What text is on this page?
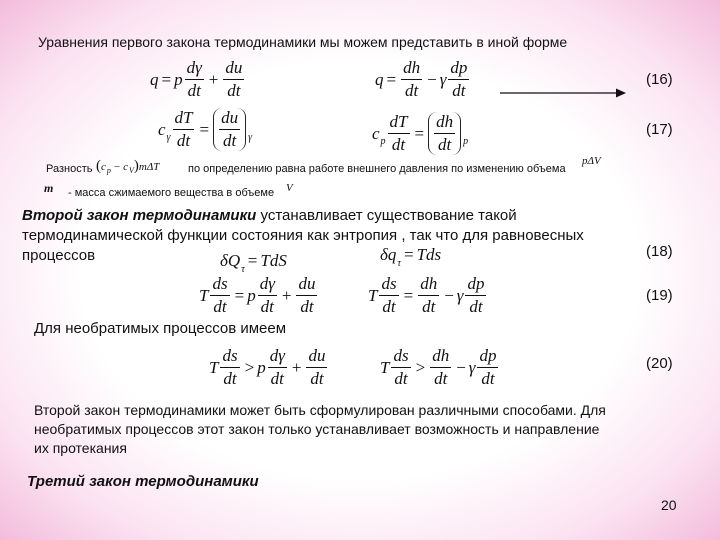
Уравнения первого закона термодинамики мы можем представить в иной форме
q = p $\frac{d\gamma}{dt} + \frac{du}{dt}$	$q = \frac{dh}{dt} - \gamma \frac{dp}{dt}$	(16)
c γ $\frac{dT}{dt} = \frac{du}{dt}$ γ	c p $\frac{dT}{dt} = \frac{dh}{dt}$ p
(17)
Разность ( c p − c V ) mΔT	по определению равна работе внешнего давления по изменению объема
pΔV
m - масса сжимаемого вещества в объеме V
Второй закон термодинамики устанавливает существование такой
термодинамической функции состояния как энтропия , так что для равновесных
процессов	δQ τ = TdS	δq τ = Tds	(18)
T $\frac{ds}{dt} = p \frac{d\gamma}{dt} + \frac{du}{dt}$	T $\frac{ds}{dt} = \frac{dh}{dt} - \gamma \frac{dp}{dt}$	(19)
Для необратимых процессов имеем
T $\frac{ds}{dt} > p \frac{d\gamma}{dt} + \frac{du}{dt}$	T $\frac{ds}{dt} > \frac{dh}{dt} - \gamma \frac{dp}{dt}$	(20)
Второй закон термодинамики может быть сформулирован различными способами. Для
необратимых процессов этот закон только устанавливает возможность и направление
их протекания
Третий закон термодинамики
20
